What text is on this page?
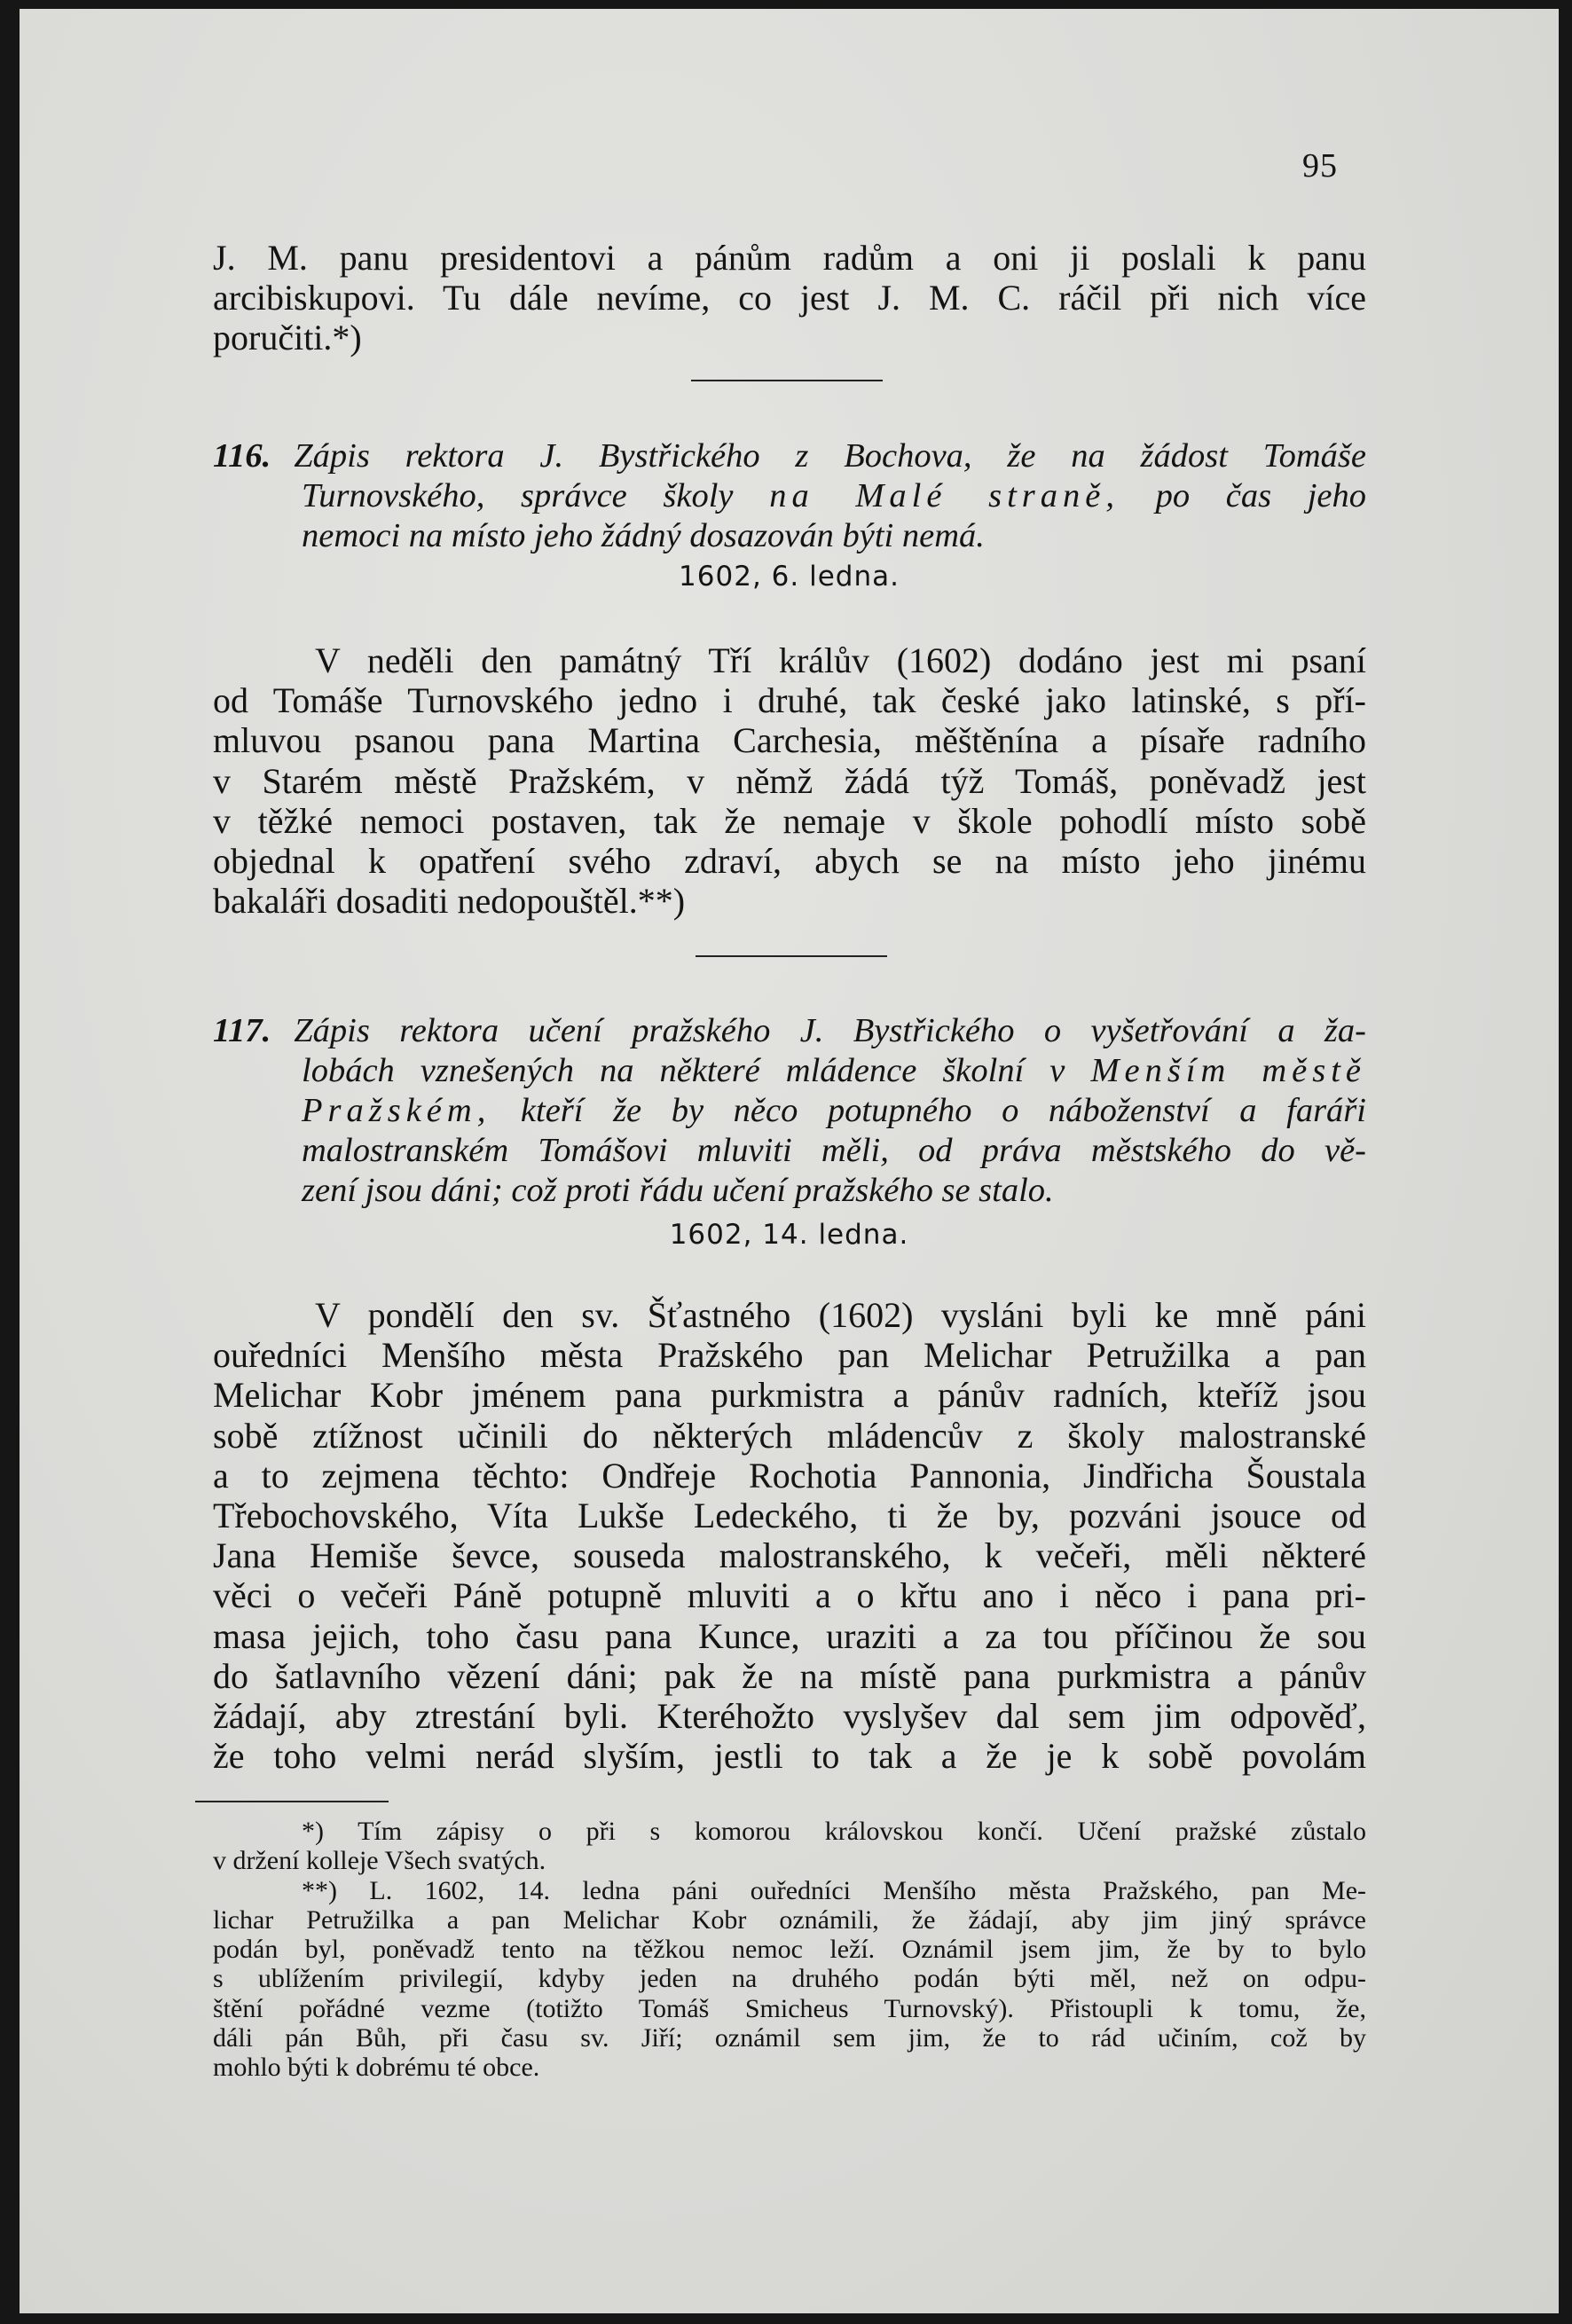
95
J. M. panu presidentovi a pánům radům a oni ji poslali k panu
arcibiskupovi. Tu dále nevíme, co jest J. M. C. ráčil při nich více
poručiti.*)
116. Zápis rektora J. Bystřického z Bochova, že na žádost Tomáše
Turnovského, správce školy na Malé straně, po čas jeho
nemoci na místo jeho žádný dosazován býti nemá.
1602, 6. ledna.
V neděli den památný Tří králův (1602) dodáno jest mi psaní
od Tomáše Turnovského jedno i druhé, tak české jako latinské, s pří-
mluvou psanou pana Martina Carchesia, měštěnína a písaře radního
v Starém městě Pražském, v němž žádá týž Tomáš, poněvadž jest
v těžké nemoci postaven, tak že nemaje v škole pohodlí místo sobě
objednal k opatření svého zdraví, abych se na místo jeho jinému
bakaláři dosaditi nedopouštěl.**)
117. Zápis rektora učení pražského J. Bystřického o vyšetřování a ža-
lobách vznešených na některé mládence školní v Menším městě
Pražském, kteří že by něco potupného o náboženství a faráři
malostranském Tomášovi mluviti měli, od práva městského do vě-
zení jsou dáni; což proti řádu učení pražského se stalo.
1602, 14. ledna.
V pondělí den sv. Šťastného (1602) vysláni byli ke mně páni
ouředníci Menšího města Pražského pan Melichar Petružilka a pan
Melichar Kobr jménem pana purkmistra a pánův radních, kteříž jsou
sobě ztížnost učinili do některých mládencův z školy malostranské
a to zejmena těchto: Ondřeje Rochotia Pannonia, Jindřicha Šoustala
Třebochovského, Víta Lukše Ledeckého, ti že by, pozváni jsouce od
Jana Hemiše ševce, souseda malostranského, k večeři, měli některé
věci o večeři Páně potupně mluviti a o křtu ano i něco i pana pri-
masa jejich, toho času pana Kunce, uraziti a za tou příčinou že sou
do šatlavního vězení dáni; pak že na místě pana purkmistra a pánův
žádají, aby ztrestání byli. Kteréhožto vyslyšev dal sem jim odpověď,
že toho velmi nerád slyším, jestli to tak a že je k sobě povolám
*) Tím zápisy o při s komorou královskou končí. Učení pražské zůstalo
v držení kolleje Všech svatých.
**) L. 1602, 14. ledna páni ouředníci Menšího města Pražského, pan Me-
lichar Petružilka a pan Melichar Kobr oznámili, že žádají, aby jim jiný správce
podán byl, poněvadž tento na těžkou nemoc leží. Oznámil jsem jim, že by to bylo
s ublížením privilegií, kdyby jeden na druhého podán býti měl, než on odpu-
štění pořádné vezme (totižto Tomáš Smicheus Turnovský). Přistoupli k tomu, že,
dáli pán Bůh, při času sv. Jiří; oznámil sem jim, že to rád učiním, což by
mohlo býti k dobrému té obce.
